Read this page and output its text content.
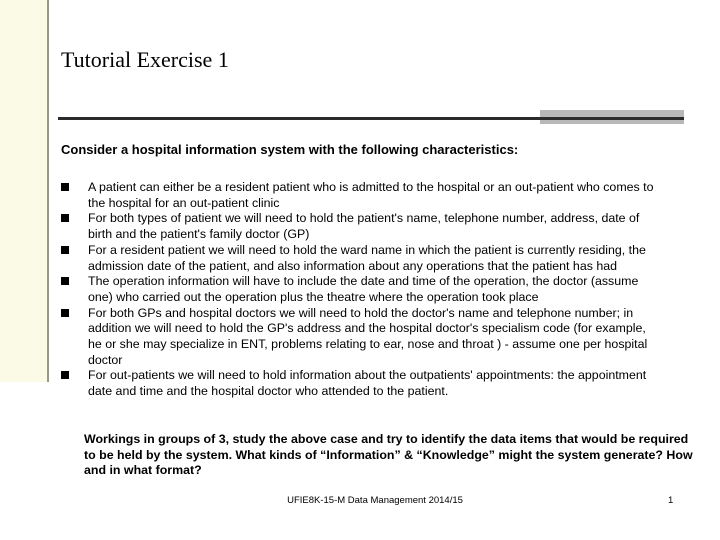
Tutorial Exercise 1
Consider a hospital information system with the following characteristics:
A patient can either be a resident patient who is admitted to the hospital or an out-patient who comes to the hospital for an out-patient clinic
For both types of patient we will need to hold the patient's name, telephone number, address, date of birth and the patient's family doctor (GP)
For a resident patient we will need to hold the ward name in which the patient is currently residing, the admission date of the patient, and also information about any operations that the patient has had
The operation information will have to include the date and time of the operation, the doctor (assume one) who carried out the operation plus the theatre where the operation took place
For both GPs and hospital doctors we will need to hold the doctor's name and telephone number; in addition we will need to hold the GP's address and the hospital doctor's specialism code (for example, he or she may specialize in ENT, problems relating to ear, nose and throat ) - assume one per hospital doctor
For out-patients we will need to hold information about the outpatients' appointments: the appointment date and time and the hospital doctor who attended to the patient.
Workings in groups of 3, study the above case and try to identify the data items that would be required to be held by the system. What kinds of “Information” & “Knowledge” might the system generate? How and in what format?
UFIE8K-15-M Data Management 2014/15	1
